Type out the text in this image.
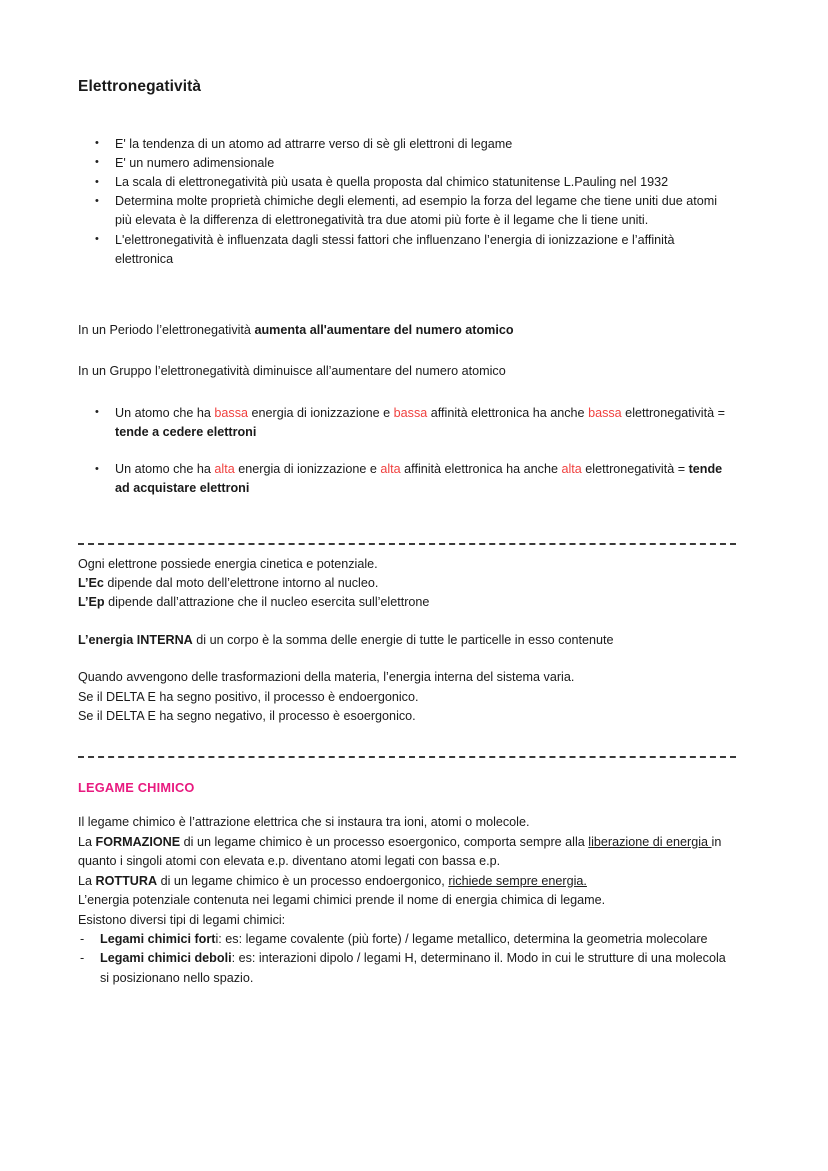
Elettronegatività
• E' la tendenza di un atomo ad attrarre verso di sè gli elettroni di legame
• E' un numero adimensionale
• La scala di elettronegatività più usata è quella proposta dal chimico statunitense L.Pauling nel 1932
• Determina molte proprietà chimiche degli elementi, ad esempio la forza del legame che tiene uniti due atomi più elevata è la differenza di elettronegatività tra due atomi più forte è il legame che li tiene uniti.
• L'elettronegatività è influenzata dagli stessi fattori che influenzano l’energia di ionizzazione e l’affinità elettronica

In un Periodo l’elettronegatività aumenta all'aumentare del numero atomico

In un Gruppo l’elettronegatività diminuisce all’aumentare del numero atomico

• Un atomo che ha bassa energia di ionizzazione e bassa affinità elettronica ha anche bassa elettronegatività = tende a cedere elettroni
• Un atomo che ha alta energia di ionizzazione e alta affinità elettronica ha anche alta elettronegatività = tende ad acquistare elettroni

Ogni elettrone possiede energia cinetica e potenziale.

L’Ec dipende dal moto dell’elettrone intorno al nucleo.

L’Ep dipende dall’attrazione che il nucleo esercita sull’elettrone

L’energia INTERNA di un corpo è la somma delle energie di tutte le particelle in esso contenute

Quando avvengono delle trasformazioni della materia, l’energia interna del sistema varia.

Se il DELTA E ha segno positivo, il processo è endoergonico.

Se il DELTA E ha segno negativo, il processo è esoergonico.

LEGAME CHIMICO

Il legame chimico è l’attrazione elettrica che si instaura tra ioni, atomi o molecole.

La FORMAZIONE di un legame chimico è un processo esoergonico, comporta sempre alla liberazione di energia in quanto i singoli atomi con elevata e.p. diventano atomi legati con bassa e.p.

La ROTTURA di un legame chimico è un processo endoergonico, richiede sempre energia.

L’energia potenziale contenuta nei legami chimici prende il nome di energia chimica di legame.

Esistono diversi tipi di legami chimici:

- Legami chimici forti: es: legame covalente (più forte) / legame metallico, determina la geometria molecolare
- Legami chimici deboli: es: interazioni dipolo / legami H, determinano il. Modo in cui le strutture di una molecola si posizionano nello spazio.
